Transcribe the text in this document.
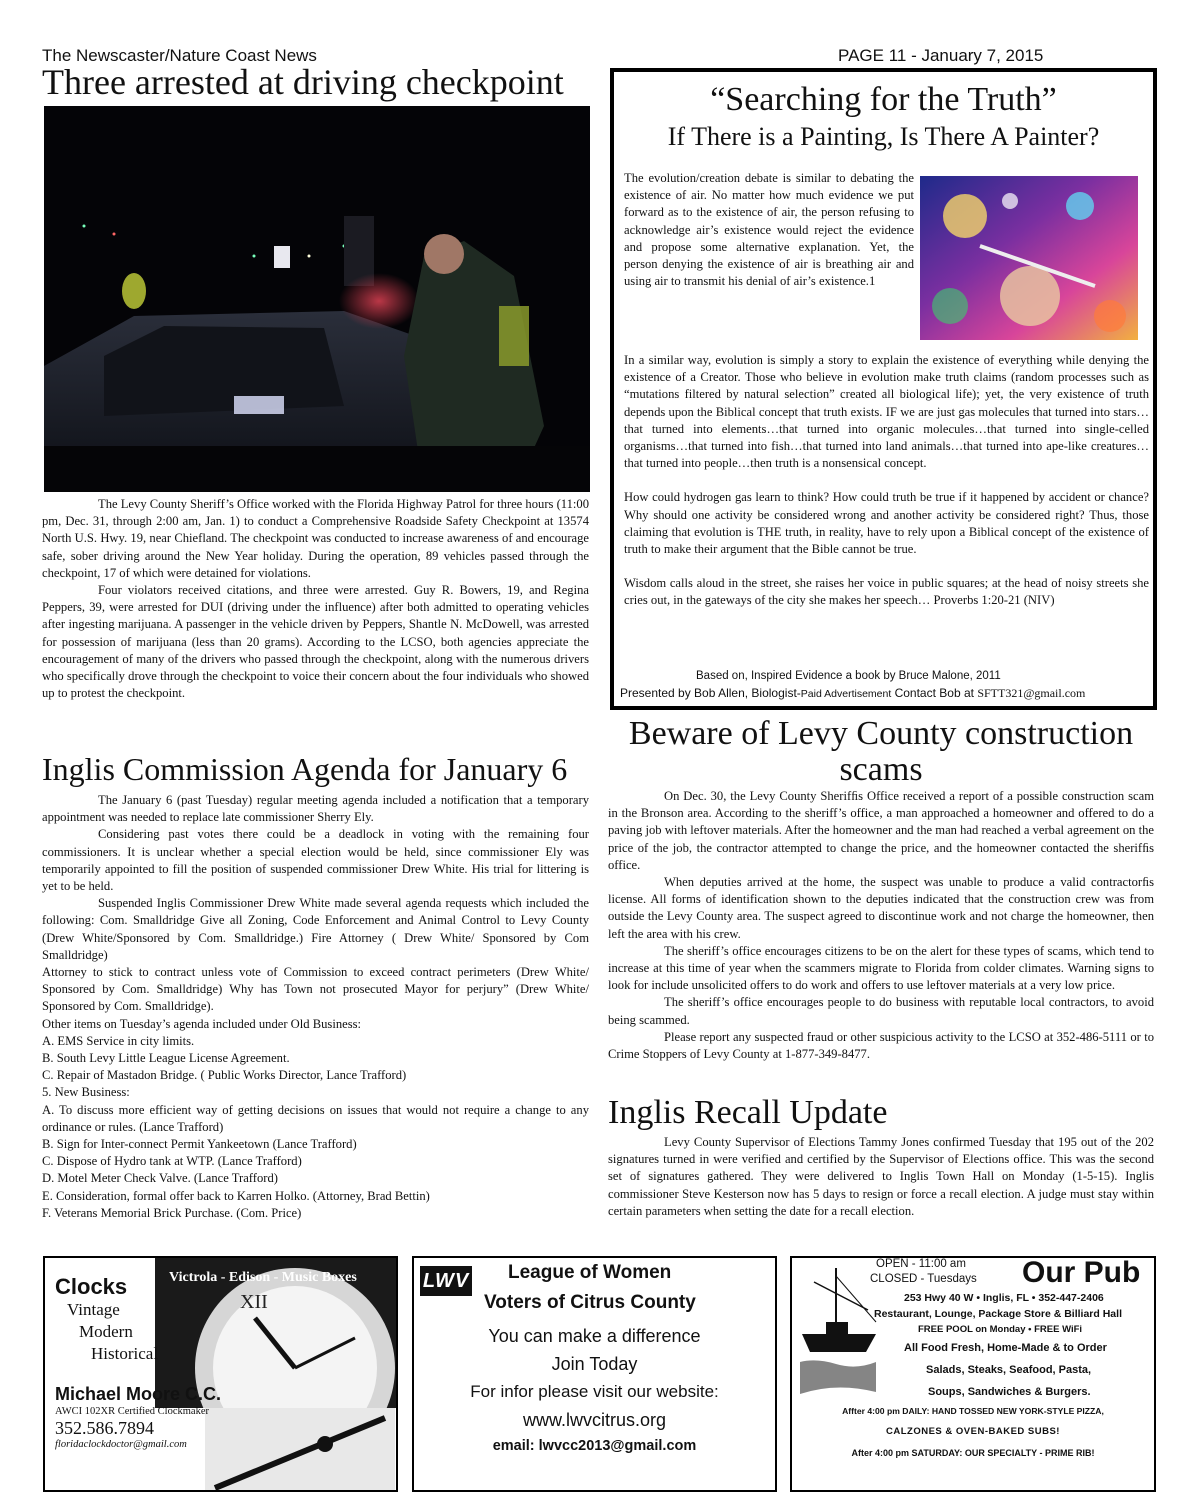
The Newscaster/Nature Coast News	PAGE 11 - January 7, 2015
Three arrested at driving checkpoint

The Levy County Sheriff’s Office worked with the Florida Highway Patrol for three hours (11:00 pm, Dec. 31, through 2:00 am, Jan. 1) to conduct a Comprehensive Roadside Safety Checkpoint at 13574 North U.S. Hwy. 19, near Chiefland. The checkpoint was conducted to increase awareness of and encourage safe, sober driving around the New Year holiday. During the operation, 89 vehicles passed through the checkpoint, 17 of which were detained for violations.

Four violators received citations, and three were arrested. Guy R. Bowers, 19, and Regina Peppers, 39, were arrested for DUI (driving under the influence) after both admitted to operating vehicles after ingesting marijuana. A passenger in the vehicle driven by Peppers, Shantle N. McDowell, was arrested for possession of marijuana (less than 20 grams). According to the LCSO, both agencies appreciate the encouragement of many of the drivers who passed through the checkpoint, along with the numerous drivers who specifically drove through the checkpoint to voice their concern about the four individuals who showed up to protest the checkpoint.

Inglis Commission Agenda for January 6

The January 6 (past Tuesday) regular meeting agenda included a notification that a temporary appointment was needed to replace late commissioner Sherry Ely.

Considering past votes there could be a deadlock in voting with the remaining four commissioners. It is unclear whether a special election would be held, since commissioner Ely was temporarily appointed to fill the position of suspended commissioner Drew White. His trial for littering is yet to be held.

Suspended Inglis Commissioner Drew White made several agenda requests which included the following: Com. Smalldridge Give all Zoning, Code Enforcement and Animal Control to Levy County (Drew White/Sponsored by Com. Smalldridge.) Fire Attorney ( Drew White/ Sponsored by Com Smalldridge)

Attorney to stick to contract unless vote of Commission to exceed contract perimeters (Drew White/ Sponsored by Com. Smalldridge) Why has Town not prosecuted Mayor for perjury” (Drew White/ Sponsored by Com. Smalldridge).

Other items on Tuesday’s agenda included under Old Business:

A. EMS Service in city limits.

B. South Levy Little League License Agreement.

C. Repair of Mastadon Bridge. ( Public Works Director, Lance Trafford)

5. New Business:

A. To discuss more efficient way of getting decisions on issues that would not require a change to any ordinance or rules. (Lance Trafford)

B. Sign for Inter-connect Permit Yankeetown (Lance Trafford)

C. Dispose of Hydro tank at WTP. (Lance Trafford)

D. Motel Meter Check Valve. (Lance Trafford)

E. Consideration, formal offer back to Karren Holko. (Attorney, Brad Bettin)

F. Veterans Memorial Brick Purchase. (Com. Price)

“Searching for the Truth”
If There is a Painting, Is There A Painter?
The evolution/creation debate is similar to debating the existence of air. No matter how much evidence we put forward as to the existence of air, the person refusing to acknowledge air’s existence would reject the evidence and propose some alternative explanation. Yet, the person denying the existence of air is breathing air and using air to transmit his denial of air’s existence.1

In a similar way, evolution is simply a story to explain the existence of everything while denying the existence of a Creator. Those who believe in evolution make truth claims (random processes such as “mutations filtered by natural selection” created all biological life); yet, the very existence of truth depends upon the Biblical concept that truth exists. IF we are just gas molecules that turned into stars…that turned into elements…that turned into organic molecules…that turned into single-celled organisms…that turned into fish…that turned into land animals…that turned into ape-like creatures…that turned into people…then truth is a nonsensical concept.

How could hydrogen gas learn to think? How could truth be true if it happened by accident or chance? Why should one activity be considered wrong and another activity be considered right? Thus, those claiming that evolution is THE truth, in reality, have to rely upon a Biblical concept of the existence of truth to make their argument that the Bible cannot be true.

Wisdom calls aloud in the street, she raises her voice in public squares; at the head of noisy streets she cries out, in the gateways of the city she makes her speech… Proverbs 1:20-21 (NIV)

Based on, Inspired Evidence a book by Bruce Malone, 2011
Presented by Bob Allen, Biologist-Paid Advertisement Contact Bob at SFTT321@gmail.com
Beware of Levy County construction scams

On Dec. 30, the Levy County Sherifﬁs Office received a report of a possible construction scam in the Bronson area. According to the sheriff’s office, a man approached a homeowner and offered to do a paving job with leftover materials. After the homeowner and the man had reached a verbal agreement on the price of the job, the contractor attempted to change the price, and the homeowner contacted the sherifﬁs office.

When deputies arrived at the home, the suspect was unable to produce a valid contractorﬁs license. All forms of identification shown to the deputies indicated that the construction crew was from outside the Levy County area. The suspect agreed to discontinue work and not charge the homeowner, then left the area with his crew.

The sheriff’s office encourages citizens to be on the alert for these types of scams, which tend to increase at this time of year when the scammers migrate to Florida from colder climates. Warning signs to look for include unsolicited offers to do work and offers to use leftover materials at a very low price.

The sheriff’s office encourages people to do business with reputable local contractors, to avoid being scammed.

Please report any suspected fraud or other suspicious activity to the LCSO at 352-486-5111 or to Crime Stoppers of Levy County at 1-877-349-8477.

Inglis Recall Update

Levy County Supervisor of Elections Tammy Jones confirmed Tuesday that 195 out of the 202 signatures turned in were verified and certified by the Supervisor of Elections office. This was the second set of signatures gathered. They were delivered to Inglis Town Hall on Monday (1-5-15). Inglis commissioner Steve Kesterson now has 5 days to resign or force a recall election. A judge must stay within certain parameters when setting the date for a recall election.

XII
Victrola - Edison - Music Boxes
Clocks
Vintage
Modern
Historical
Michael Moore C.C.
AWCI 102XR Certified Clockmaker
352.586.7894
floridaclockdoctor@gmail.com
LWV League of Women
Voters of Citrus County
You can make a difference
Join Today
For infor please visit our website:
www.lwvcitrus.org
email: lwvcc2013@gmail.com
OPEN - 11:00 am
CLOSED - Tuesdays Our Pub
253 Hwy 40 W • Inglis, FL • 352-447-2406
Restaurant, Lounge, Package Store & Billiard Hall
FREE POOL on Monday • FREE WiFi
All Food Fresh, Home-Made & to Order
Salads, Steaks, Seafood, Pasta,
Soups, Sandwiches & Burgers.
Affter 4:00 pm DAILY: HAND TOSSED NEW YORK-STYLE PIZZA,
CALZONES & OVEN-BAKED SUBS!
After 4:00 pm SATURDAY: OUR SPECIALTY - PRIME RIB!
